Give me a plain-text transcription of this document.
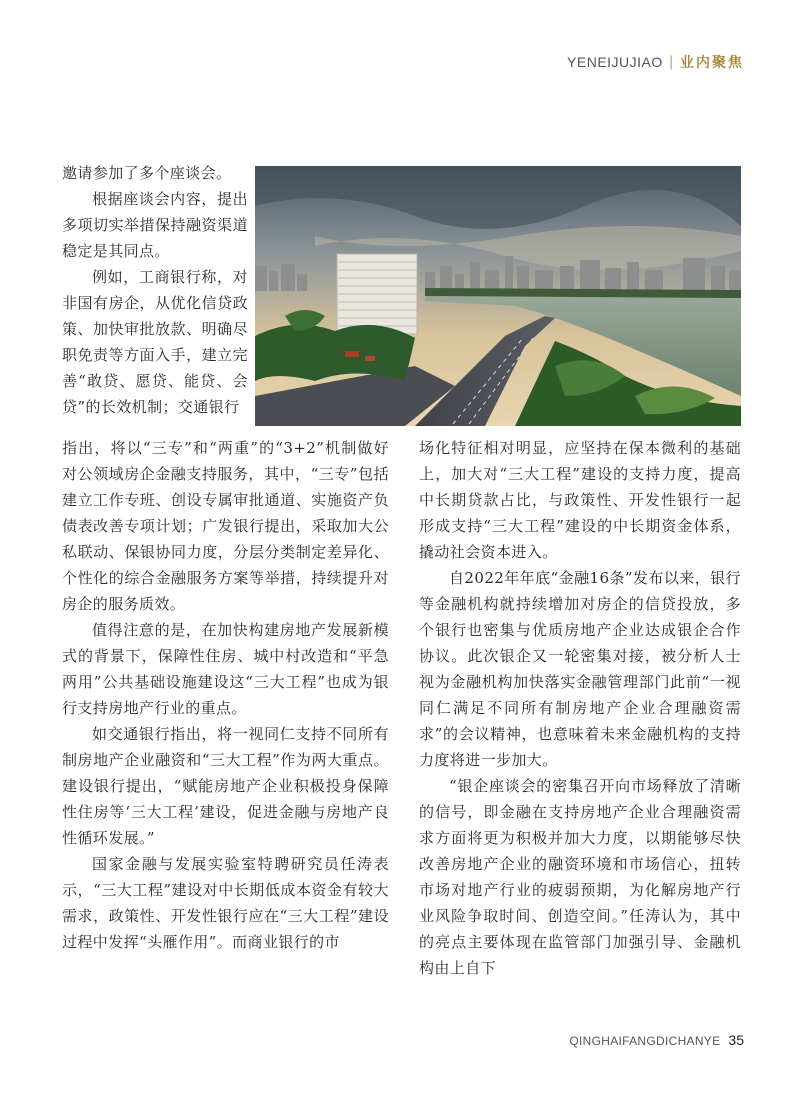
YENEIJUJIAO | 业内聚焦

邀请参加了多个座谈会。

根据座谈会内容，提出多项切实举措保持融资渠道稳定是其同点。

例如，工商银行称，对非国有房企，从优化信贷政策、加快审批放款、明确尽职免责等方面入手，建立完善“敢贷、愿贷、能贷、会贷”的长效机制；交通银行

指出，将以“三专”和“两重”的“3+2”机制做好对公领域房企金融支持服务，其中，“三专”包括建立工作专班、创设专属审批通道、实施资产负债表改善专项计划；广发银行提出，采取加大公私联动、保银协同力度，分层分类制定差异化、个性化的综合金融服务方案等举措，持续提升对房企的服务质效。

值得注意的是，在加快构建房地产发展新模式的背景下，保障性住房、城中村改造和“平急两用”公共基础设施建设这“三大工程”也成为银行支持房地产行业的重点。

如交通银行指出，将一视同仁支持不同所有制房地产企业融资和“三大工程”作为两大重点。建设银行提出，“赋能房地产企业积极投身保障性住房等‘三大工程’建设，促进金融与房地产良性循环发展。”

国家金融与发展实验室特聘研究员任涛表示，“三大工程”建设对中长期低成本资金有较大需求，政策性、开发性银行应在“三大工程”建设过程中发挥“头雁作用”。而商业银行的市

场化特征相对明显，应坚持在保本微利的基础上，加大对“三大工程”建设的支持力度，提高中长期贷款占比，与政策性、开发性银行一起形成支持“三大工程”建设的中长期资金体系，撬动社会资本进入。

自2022年年底“金融16条”发布以来，银行等金融机构就持续增加对房企的信贷投放，多个银行也密集与优质房地产企业达成银企合作协议。此次银企又一轮密集对接，被分析人士视为金融机构加快落实金融管理部门此前“一视同仁满足不同所有制房地产企业合理融资需求”的会议精神，也意味着未来金融机构的支持力度将进一步加大。

“银企座谈会的密集召开向市场释放了清晰的信号，即金融在支持房地产企业合理融资需求方面将更为积极并加大力度，以期能够尽快改善房地产企业的融资环境和市场信心，扭转市场对地产行业的疲弱预期，为化解房地产行业风险争取时间、创造空间。”任涛认为，其中的亮点主要体现在监管部门加强引导、金融机构由上自下

QINGHAIFANGDICHANYE 35
